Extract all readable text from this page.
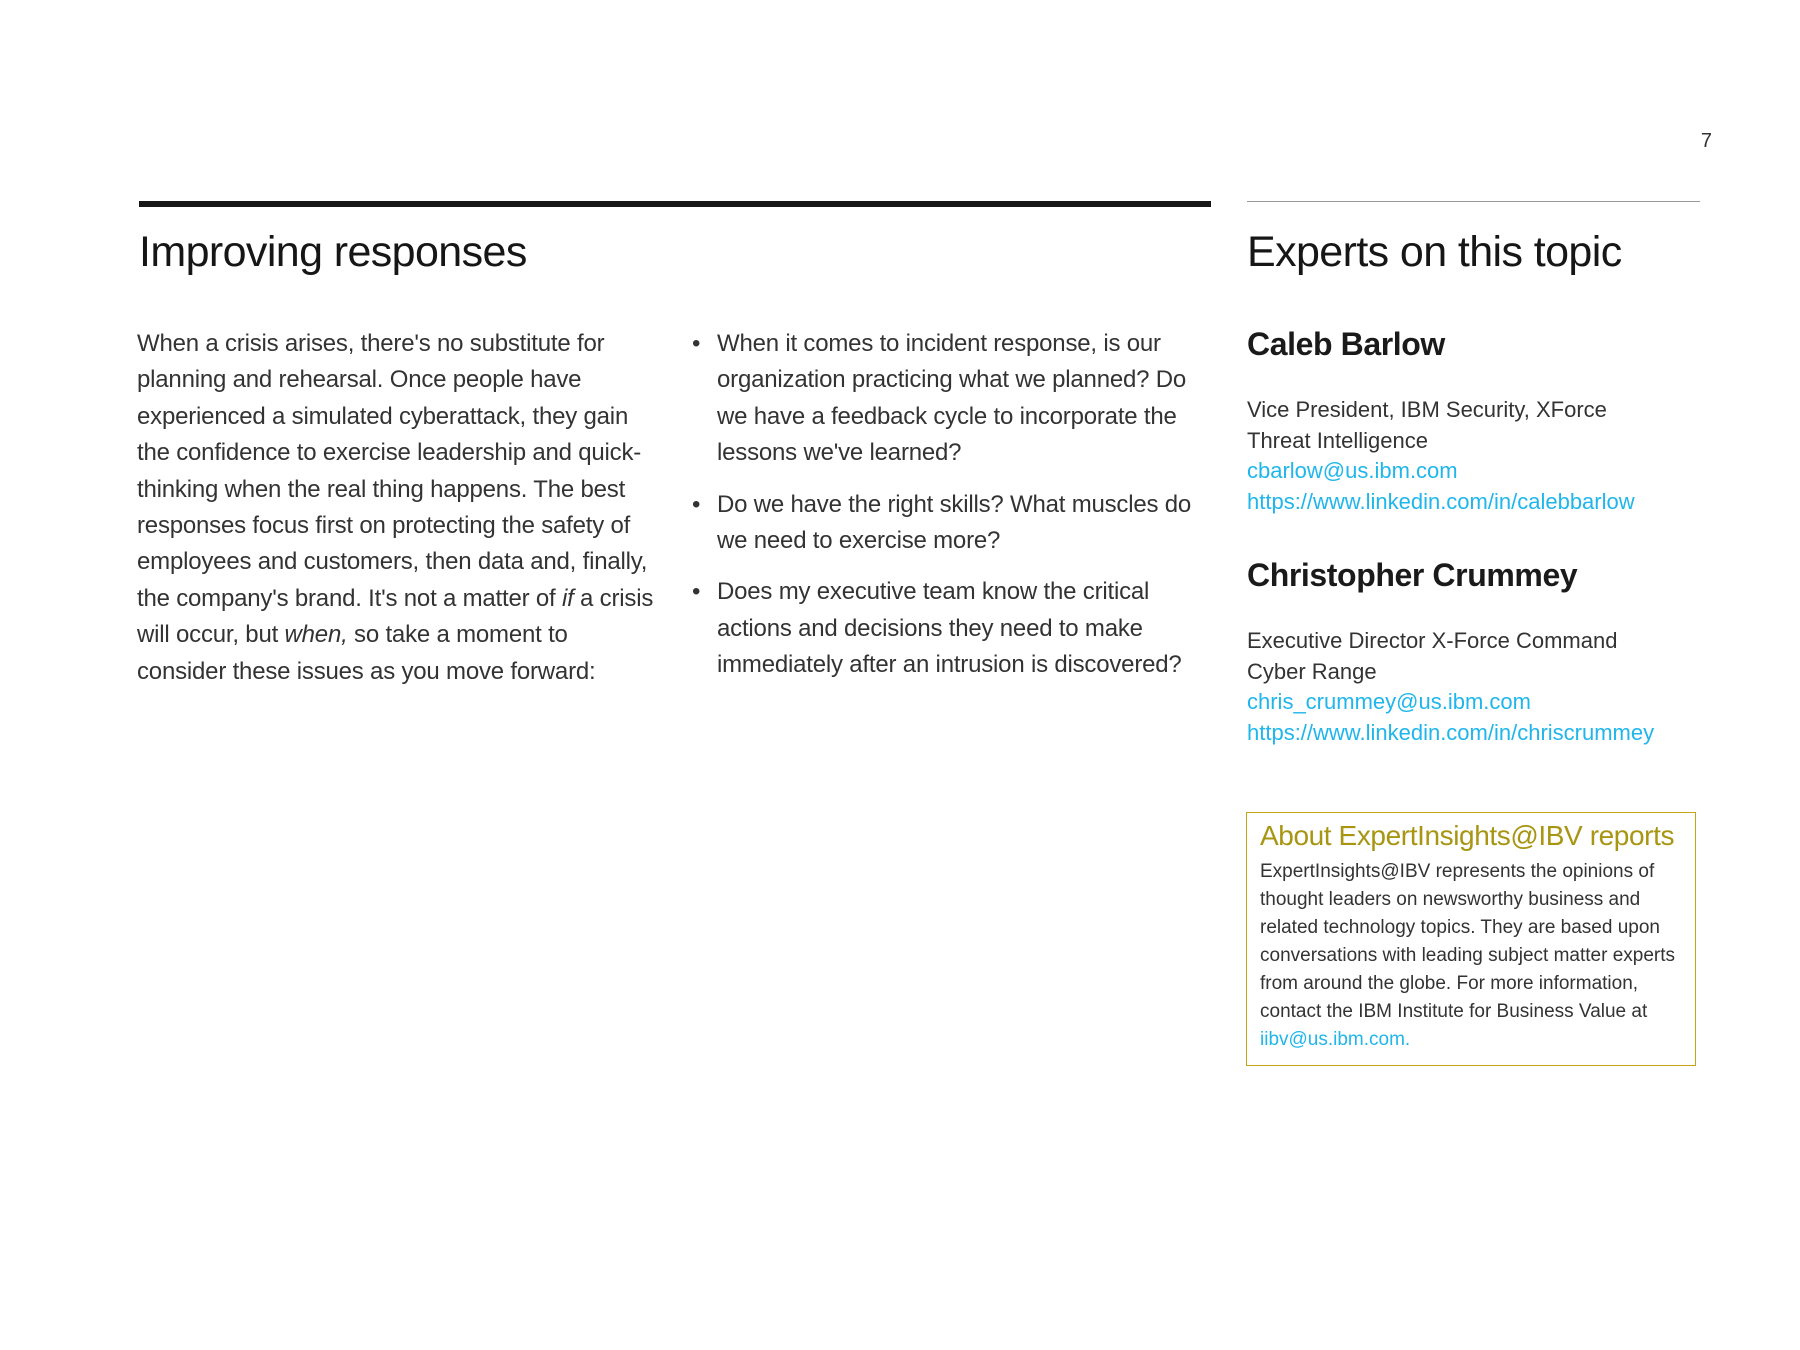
7
Improving responses	Experts on this topic

When a crisis arises, there's no substitute for planning and rehearsal. Once people have experienced a simulated cyberattack, they gain the confidence to exercise leadership and quick-thinking when the real thing happens. The best responses focus first on protecting the safety of employees and customers, then data and, finally, the company's brand. It's not a matter of if a crisis will occur, but when, so take a moment to consider these issues as you move forward:

• When it comes to incident response, is our organization practicing what we planned? Do we have a feedback cycle to incorporate the lessons we've learned?
• Do we have the right skills? What muscles do we need to exercise more?
• Does my executive team know the critical actions and decisions they need to make immediately after an intrusion is discovered?
Caleb Barlow
Vice President, IBM Security, XForce
Threat Intelligence
cbarlow@us.ibm.com
https://www.linkedin.com/in/calebbarlow
Christopher Crummey
Executive Director X-Force Command
Cyber Range
chris_crummey@us.ibm.com
https://www.linkedin.com/in/chriscrummey
About ExpertInsights@IBV reports

ExpertInsights@IBV represents the opinions of thought leaders on newsworthy business and related technology topics. They are based upon conversations with leading subject matter experts from around the globe. For more information, contact the IBM Institute for Business Value at iibv@us.ibm.com.
